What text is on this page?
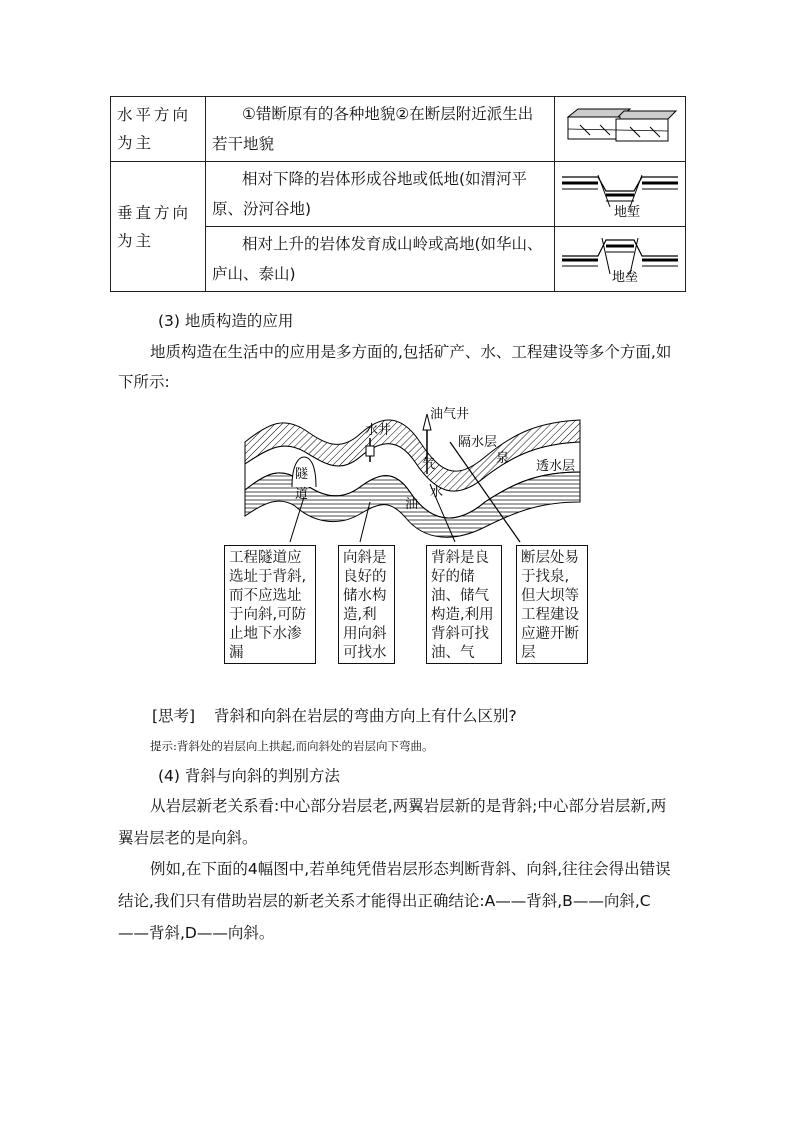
水平方向为主	①错断原有的各种地貌②在断层附近派生出若干地貌	
垂直方向为主	相对下降的岩体形成谷地或低地(如渭河平原、汾河谷地)	地堑

	相对上升的岩体发育成山岭或高地(如华山、庐山、泰山)	地垒
(3) 地质构造的应用
地质构造在生活中的应用是多方面的,包括矿产、水、工程建设等多个方面,如下所示:
水井
油气井
隔水层
泉
透水层
隧
道
气
水
油
工程隧道应选址于背斜,而不应选址于向斜,可防止地下水渗漏
向斜是良好的储水构造,利用向斜可找水
背斜是良好的储油、储气构造,利用背斜可找油、气
断层处易于找泉,但大坝等工程建设应避开断层
[思考] 背斜和向斜在岩层的弯曲方向上有什么区别?
提示:背斜处的岩层向上拱起,而向斜处的岩层向下弯曲。
(4) 背斜与向斜的判别方法
从岩层新老关系看:中心部分岩层老,两翼岩层新的是背斜;中心部分岩层新,两翼岩层老的是向斜。
例如,在下面的4幅图中,若单纯凭借岩层形态判断背斜、向斜,往往会得出错误结论,我们只有借助岩层的新老关系才能得出正确结论:A——背斜,B——向斜,C——背斜,D——向斜。
